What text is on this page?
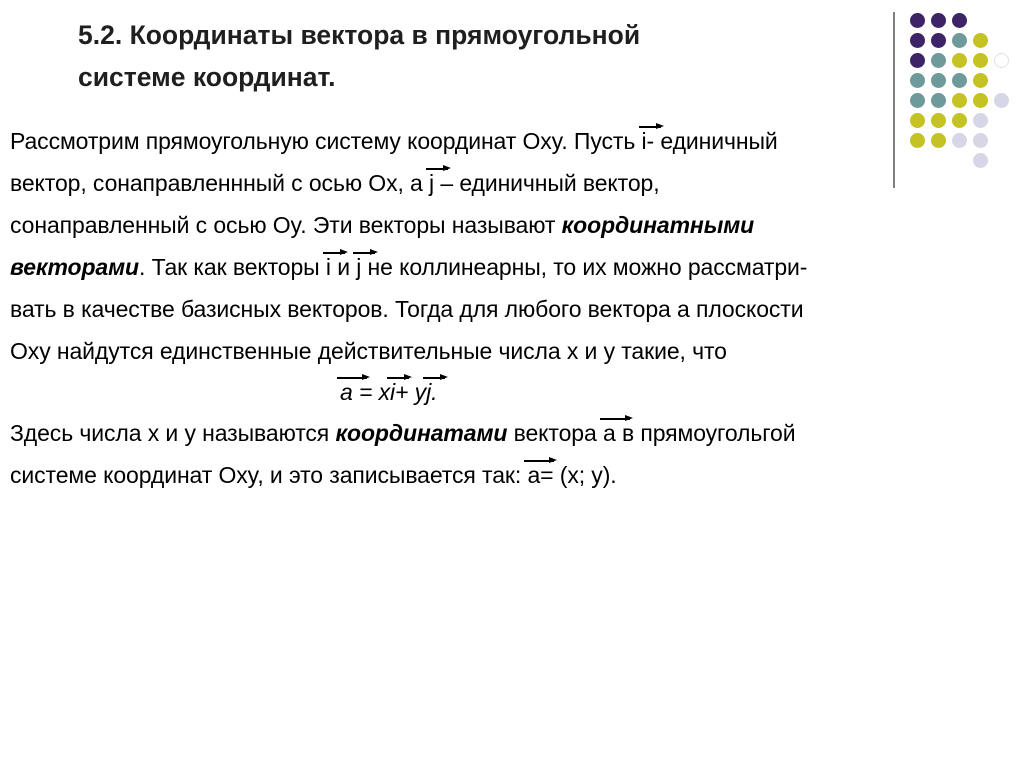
5.2. Координаты вектора в прямоугольной
системе координат.
Рассмотрим прямоугольную систему координат Oxy. Пусть i- единичный
вектор, сонаправленнный с осью Ox, а j – единичный вектор,
сонаправленный с осью Oy. Эти векторы называют координатными
векторами. Так как векторы i и j не коллинеарны, то их можно рассматри-
вать в качестве базисных векторов. Тогда для любого вектора а плоскости
Oxy найдутся единственные действительные числа x и y такие, что
a = xi+ yj.
Здесь числа x и y называются координатами вектора а в прямоугольгой
системе координат Oxy, и это записывается так: а= (x; y).
